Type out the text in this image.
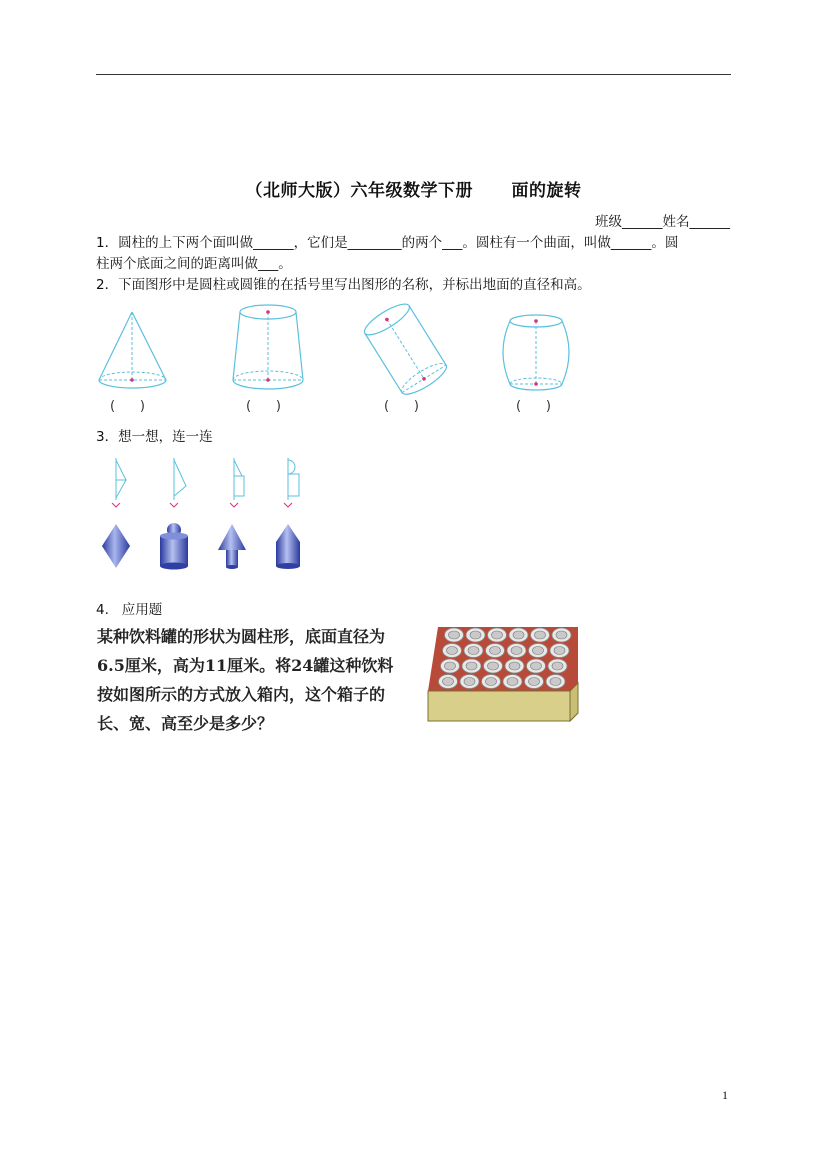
（北师大版）六年级数学下册      面的旋转
班级______姓名______
1．圆柱的上下两个面叫做______，它们是________的两个___。圆柱有一个曲面，叫做______。圆
柱两个底面之间的距离叫做___。
2．下面图形中是圆柱或圆锥的在括号里写出图形的名称，并标出地面的直径和高。
(      )	(      )	(      )	(      )
3．想一想，连一连
4.   应用题
某种饮料罐的形状为圆柱形，底面直径为6.5厘米，高为11厘米。将24罐这种饮料按如图所示的方式放入箱内，这个箱子的长、宽、高至少是多少？
1
